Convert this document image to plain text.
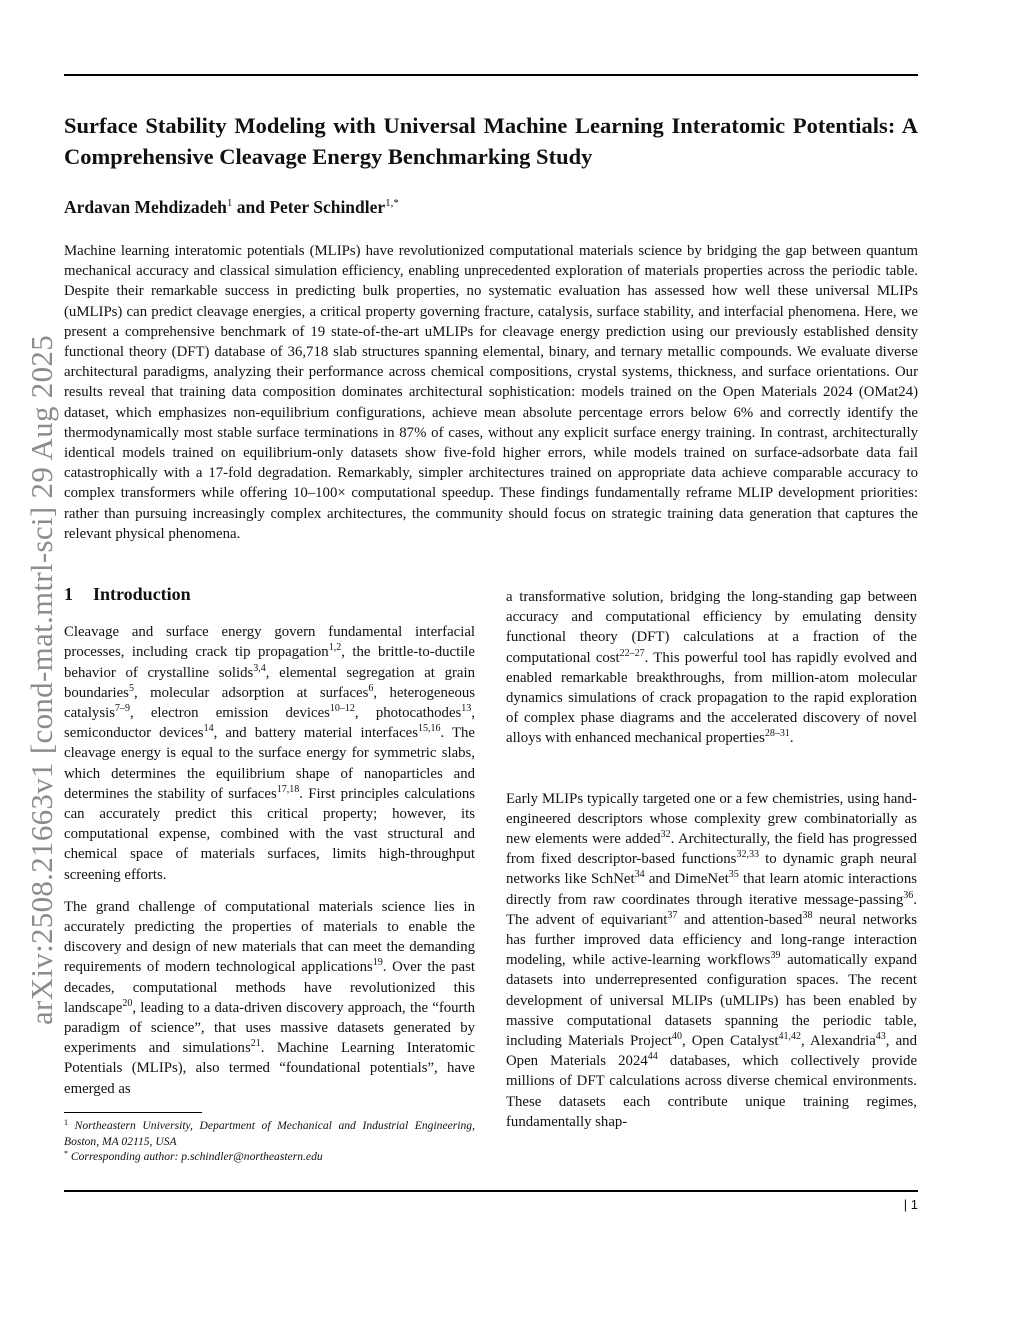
arXiv:2508.21663v1 [cond-mat.mtrl-sci] 29 Aug 2025
Surface Stability Modeling with Universal Machine Learning Interatomic Potentials: A Comprehensive Cleavage Energy Benchmarking Study
Ardavan Mehdizadeh$^1$ and Peter Schindler$^{1,*}$

Machine learning interatomic potentials (MLIPs) have revolutionized computational materials science by bridging the gap between quantum mechanical accuracy and classical simulation efficiency, enabling unprecedented exploration of materials properties across the periodic table. Despite their remarkable success in predicting bulk properties, no systematic evaluation has assessed how well these universal MLIPs (uMLIPs) can predict cleavage energies, a critical property governing fracture, catalysis, surface stability, and interfacial phenomena. Here, we present a comprehensive benchmark of 19 state-of-the-art uMLIPs for cleavage energy prediction using our previously established density functional theory (DFT) database of 36,718 slab structures spanning elemental, binary, and ternary metallic compounds. We evaluate diverse architectural paradigms, analyzing their performance across chemical compositions, crystal systems, thickness, and surface orientations. Our results reveal that training data composition dominates architectural sophistication: models trained on the Open Materials 2024 (OMat24) dataset, which emphasizes non-equilibrium configurations, achieve mean absolute percentage errors below 6% and correctly identify the thermodynamically most stable surface terminations in 87% of cases, without any explicit surface energy training. In contrast, architecturally identical models trained on equilibrium-only datasets show five-fold higher errors, while models trained on surface-adsorbate data fail catastrophically with a 17-fold degradation. Remarkably, simpler architectures trained on appropriate data achieve comparable accuracy to complex transformers while offering 10–100× computational speedup. These findings fundamentally reframe MLIP development priorities: rather than pursuing increasingly complex architectures, the community should focus on strategic training data generation that captures the relevant physical phenomena.

1 Introduction

Cleavage and surface energy govern fundamental interfacial processes, including crack tip propagation$^{1,2}$, the brittle-to-ductile behavior of crystalline solids$^{3,4}$, elemental segregation at grain boundaries$^5$, molecular adsorption at surfaces$^6$, heterogeneous catalysis$^{7-9}$, electron emission devices$^{10-12}$, photocathodes$^{13}$, semiconductor devices$^{14}$, and battery material interfaces$^{15,16}$. The cleavage energy is equal to the surface energy for symmetric slabs, which determines the equilibrium shape of nanoparticles and determines the stability of surfaces$^{17,18}$. First principles calculations can accurately predict this critical property; however, its computational expense, combined with the vast structural and chemical space of materials surfaces, limits high-throughput screening efforts.

The grand challenge of computational materials science lies in accurately predicting the properties of materials to enable the discovery and design of new materials that can meet the demanding requirements of modern technological applications$^{19}$. Over the past decades, computational methods have revolutionized this landscape$^{20}$, leading to a data-driven discovery approach, the “fourth paradigm of science”, that uses massive datasets generated by experiments and simulations$^{21}$. Machine Learning Interatomic Potentials (MLIPs), also termed “foundational potentials”, have emerged as

a transformative solution, bridging the long-standing gap between accuracy and computational efficiency by emulating density functional theory (DFT) calculations at a fraction of the computational cost$^{22-27}$. This powerful tool has rapidly evolved and enabled remarkable breakthroughs, from million-atom molecular dynamics simulations of crack propagation to the rapid exploration of complex phase diagrams and the accelerated discovery of novel alloys with enhanced mechanical properties$^{28-31}$.

Early MLIPs typically targeted one or a few chemistries, using hand-engineered descriptors whose complexity grew combinatorially as new elements were added$^{32}$. Architecturally, the field has progressed from fixed descriptor-based functions$^{32,33}$ to dynamic graph neural networks like SchNet$^{34}$ and DimeNet$^{35}$ that learn atomic interactions directly from raw coordinates through iterative message-passing$^{36}$. The advent of equivariant$^{37}$ and attention-based$^{38}$ neural networks has further improved data efficiency and long-range interaction modeling, while active-learning workflows$^{39}$ automatically expand datasets into underrepresented configuration spaces. The recent development of universal MLIPs (uMLIPs) has been enabled by massive computational datasets spanning the periodic table, including Materials Project$^{40}$, Open Catalyst$^{41,42}$, Alexandria$^{43}$, and Open Materials 2024$^{44}$ databases, which collectively provide millions of DFT calculations across diverse chemical environments. These datasets each contribute unique training regimes, fundamentally shap-

$^1$ Northeastern University, Department of Mechanical and Industrial Engineering, Boston, MA 02115, USA
* Corresponding author: p.schindler@northeastern.edu
| 1
